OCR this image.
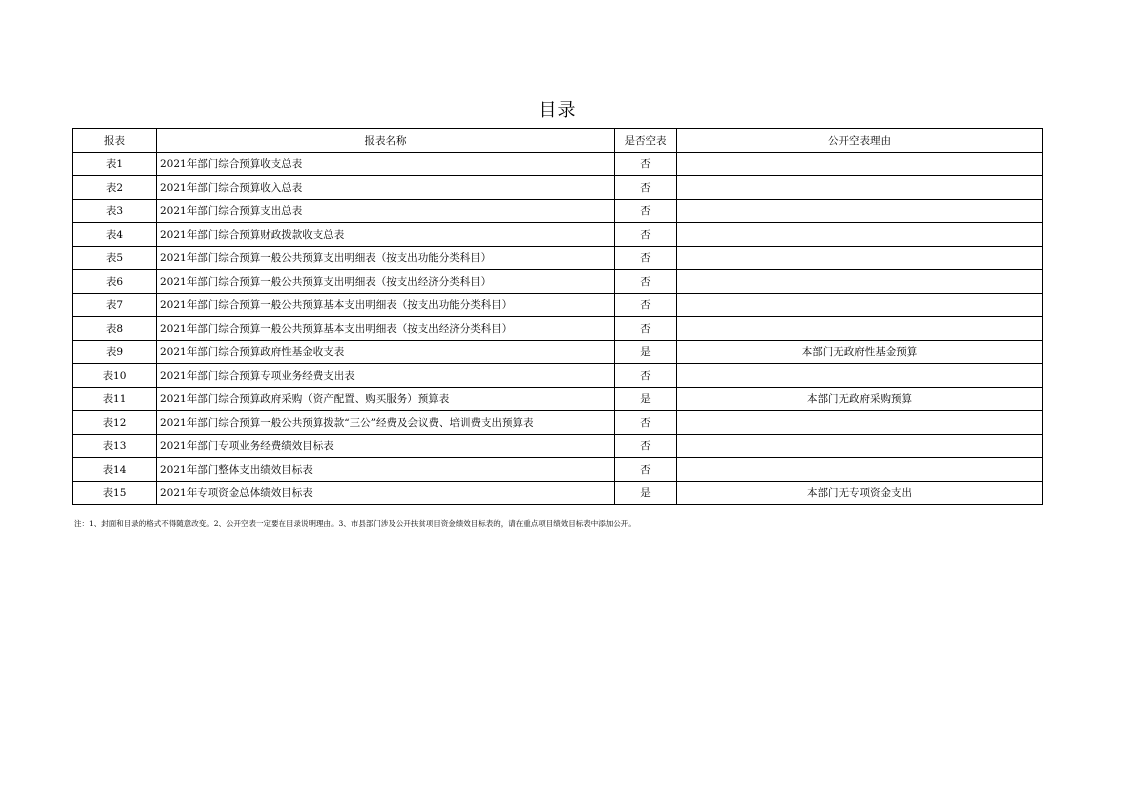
目录
报表	报表名称	是否空表	公开空表理由
表1	2021年部门综合预算收支总表	否	
表2	2021年部门综合预算收入总表	否	
表3	2021年部门综合预算支出总表	否	
表4	2021年部门综合预算财政拨款收支总表	否	
表5	2021年部门综合预算一般公共预算支出明细表（按支出功能分类科目）	否	
表6	2021年部门综合预算一般公共预算支出明细表（按支出经济分类科目）	否	
表7	2021年部门综合预算一般公共预算基本支出明细表（按支出功能分类科目）	否	
表8	2021年部门综合预算一般公共预算基本支出明细表（按支出经济分类科目）	否	
表9	2021年部门综合预算政府性基金收支表	是	本部门无政府性基金预算
表10	2021年部门综合预算专项业务经费支出表	否	
表11	2021年部门综合预算政府采购（资产配置、购买服务）预算表	是	本部门无政府采购预算
表12	2021年部门综合预算一般公共预算拨款“三公”经费及会议费、培训费支出预算表	否	
表13	2021年部门专项业务经费绩效目标表	否	
表14	2021年部门整体支出绩效目标表	否	
表15	2021年专项资金总体绩效目标表	是	本部门无专项资金支出
注：1、封面和目录的格式不得随意改变。2、公开空表一定要在目录说明理由。3、市县部门涉及公开扶贫项目资金绩效目标表的，请在重点项目绩效目标表中添加公开。
